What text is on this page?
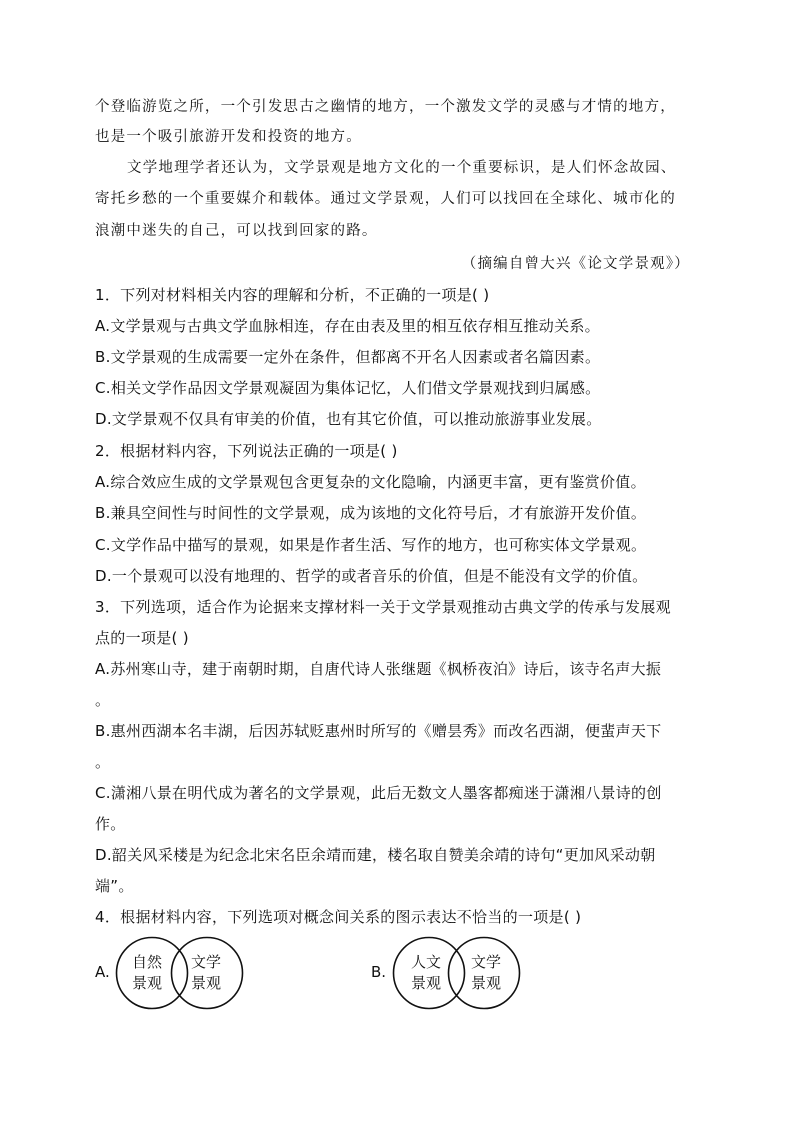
个登临游览之所，一个引发思古之幽情的地方，一个激发文学的灵感与才情的地方，
也是一个吸引旅游开发和投资的地方。
文学地理学者还认为，文学景观是地方文化的一个重要标识，是人们怀念故园、
寄托乡愁的一个重要媒介和载体。通过文学景观，人们可以找回在全球化、城市化的
浪潮中迷失的自己，可以找到回家的路。
（摘编自曾大兴《论文学景观》）
1．下列对材料相关内容的理解和分析，不正确的一项是( )
A.文学景观与古典文学血脉相连，存在由表及里的相互依存相互推动关系。
B.文学景观的生成需要一定外在条件，但都离不开名人因素或者名篇因素。
C.相关文学作品因文学景观凝固为集体记忆，人们借文学景观找到归属感。
D.文学景观不仅具有审美的价值，也有其它价值，可以推动旅游事业发展。
2．根据材料内容，下列说法正确的一项是( )
A.综合效应生成的文学景观包含更复杂的文化隐喻，内涵更丰富，更有鉴赏价值。
B.兼具空间性与时间性的文学景观，成为该地的文化符号后，才有旅游开发价值。
C.文学作品中描写的景观，如果是作者生活、写作的地方，也可称实体文学景观。
D.一个景观可以没有地理的、哲学的或者音乐的价值，但是不能没有文学的价值。
3．下列选项，适合作为论据来支撑材料一关于文学景观推动古典文学的传承与发展观
点的一项是( )
A.苏州寒山寺，建于南朝时期，自唐代诗人张继题《枫桥夜泊》诗后，该寺名声大振
。
B.惠州西湖本名丰湖，后因苏轼贬惠州时所写的《赠昙秀》而改名西湖，便蜚声天下
。
C.潇湘八景在明代成为著名的文学景观，此后无数文人墨客都痴迷于潇湘八景诗的创
作。
D.韶关风采楼是为纪念北宋名臣余靖而建，楼名取自赞美余靖的诗句“更加风采动朝
端”。
4．根据材料内容，下列选项对概念间关系的图示表达不恰当的一项是( )
A.
自然
景观
文学
景观
B.
人文
景观
文学
景观
